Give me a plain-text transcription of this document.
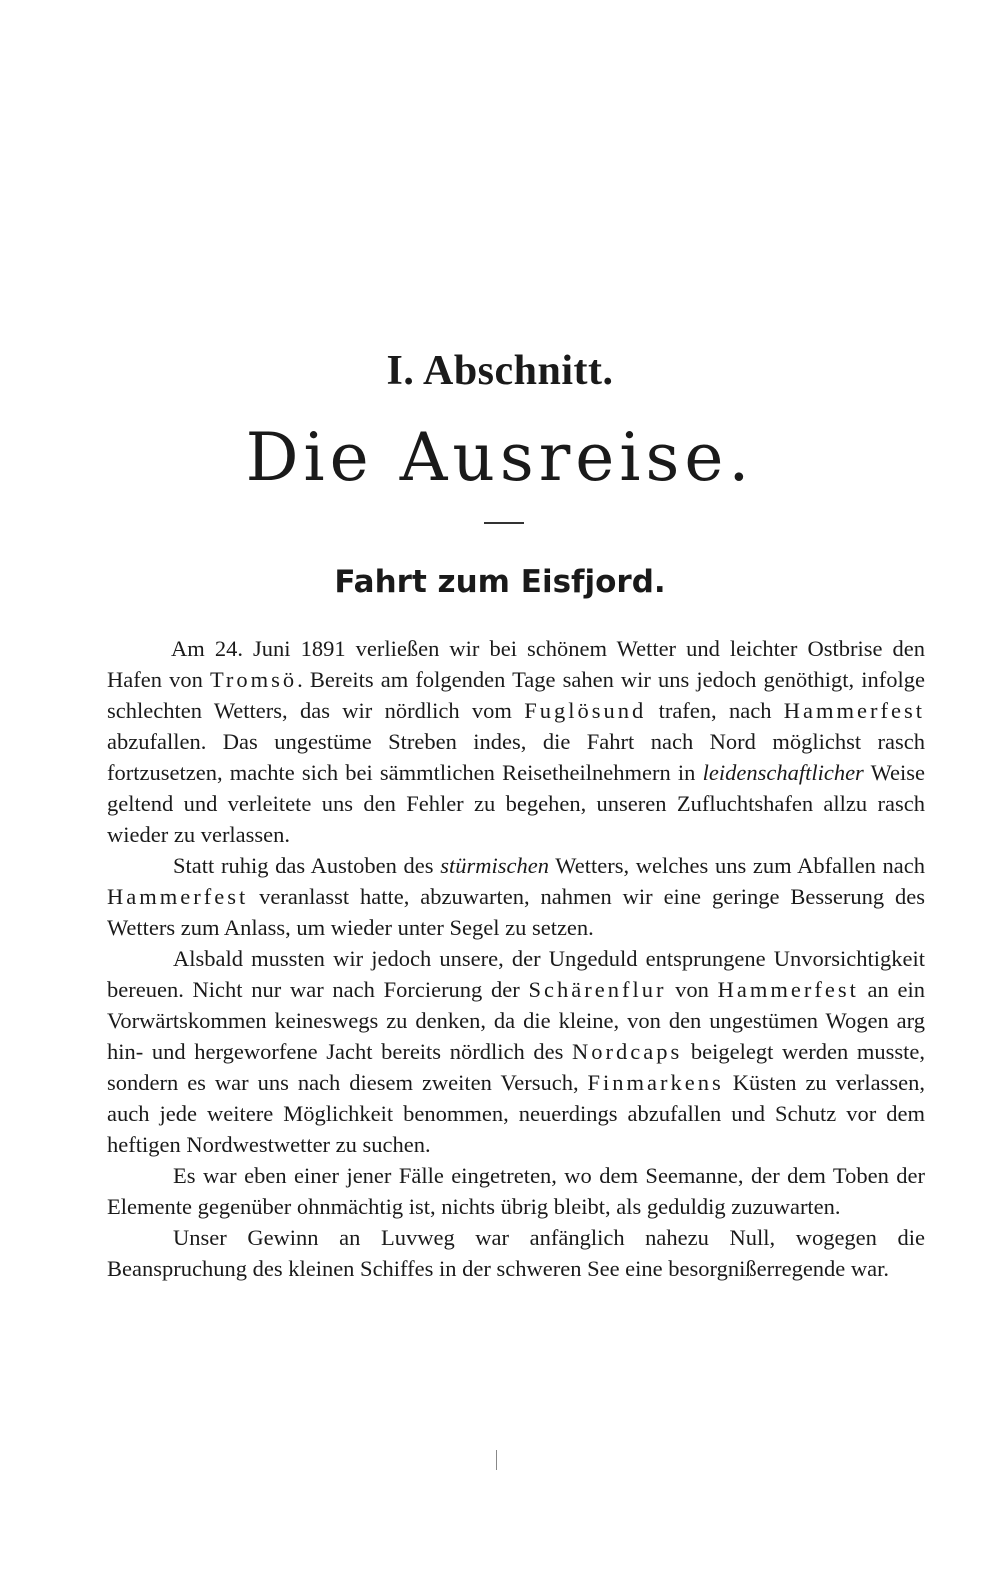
I. Abschnitt.
Die Ausreise.
Fahrt zum Eisfjord.

Am 24. Juni 1891 verließen wir bei schönem Wetter und leichter Ostbrise den Hafen von Tromsö. Bereits am folgenden Tage sahen wir uns jedoch genöthigt, infolge schlechten Wetters, das wir nördlich vom Fuglösund trafen, nach Hammerfest abzufallen. Das ungestüme Streben indes, die Fahrt nach Nord möglichst rasch fortzusetzen, machte sich bei sämmtlichen Reisetheilnehmern in leidenschaftlicher Weise geltend und verleitete uns den Fehler zu begehen, unseren Zufluchtshafen allzu rasch wieder zu verlassen.

Statt ruhig das Austoben des stürmischen Wetters, welches uns zum Abfallen nach Hammerfest veranlasst hatte, abzuwarten, nahmen wir eine geringe Besserung des Wetters zum Anlass, um wieder unter Segel zu setzen.

Alsbald mussten wir jedoch unsere, der Ungeduld entsprungene Unvorsichtigkeit bereuen. Nicht nur war nach Forcierung der Schärenflur von Hammerfest an ein Vorwärtskommen keineswegs zu denken, da die kleine, von den ungestümen Wogen arg hin- und hergeworfene Jacht bereits nördlich des Nordcaps beigelegt werden musste, sondern es war uns nach diesem zweiten Versuch, Finmarkens Küsten zu verlassen, auch jede weitere Möglichkeit benommen, neuerdings abzufallen und Schutz vor dem heftigen Nordwestwetter zu suchen.

Es war eben einer jener Fälle eingetreten, wo dem Seemanne, der dem Toben der Elemente gegenüber ohnmächtig ist, nichts übrig bleibt, als geduldig zuzuwarten.

Unser Gewinn an Luvweg war anfänglich nahezu Null, wogegen die Beanspruchung des kleinen Schiffes in der schweren See eine besorgnißerregende war.
